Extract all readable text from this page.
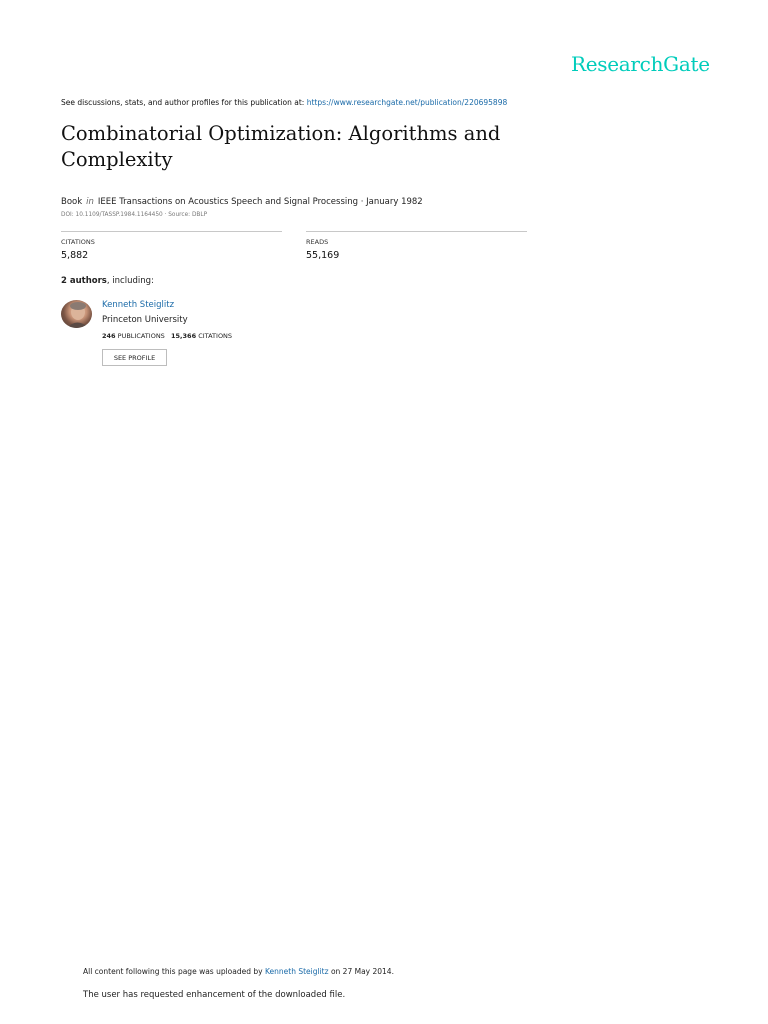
ResearchGate
See discussions, stats, and author profiles for this publication at: https://www.researchgate.net/publication/220695898
Combinatorial Optimization: Algorithms and Complexity
Book in IEEE Transactions on Acoustics Speech and Signal Processing · January 1982
DOI: 10.1109/TASSP.1984.1164450 · Source: DBLP
CITATIONS
5,882
READS
55,169
2 authors, including:
Kenneth Steiglitz
Princeton University
246 PUBLICATIONS 15,366 CITATIONS
SEE PROFILE
All content following this page was uploaded by Kenneth Steiglitz on 27 May 2014.
The user has requested enhancement of the downloaded file.
